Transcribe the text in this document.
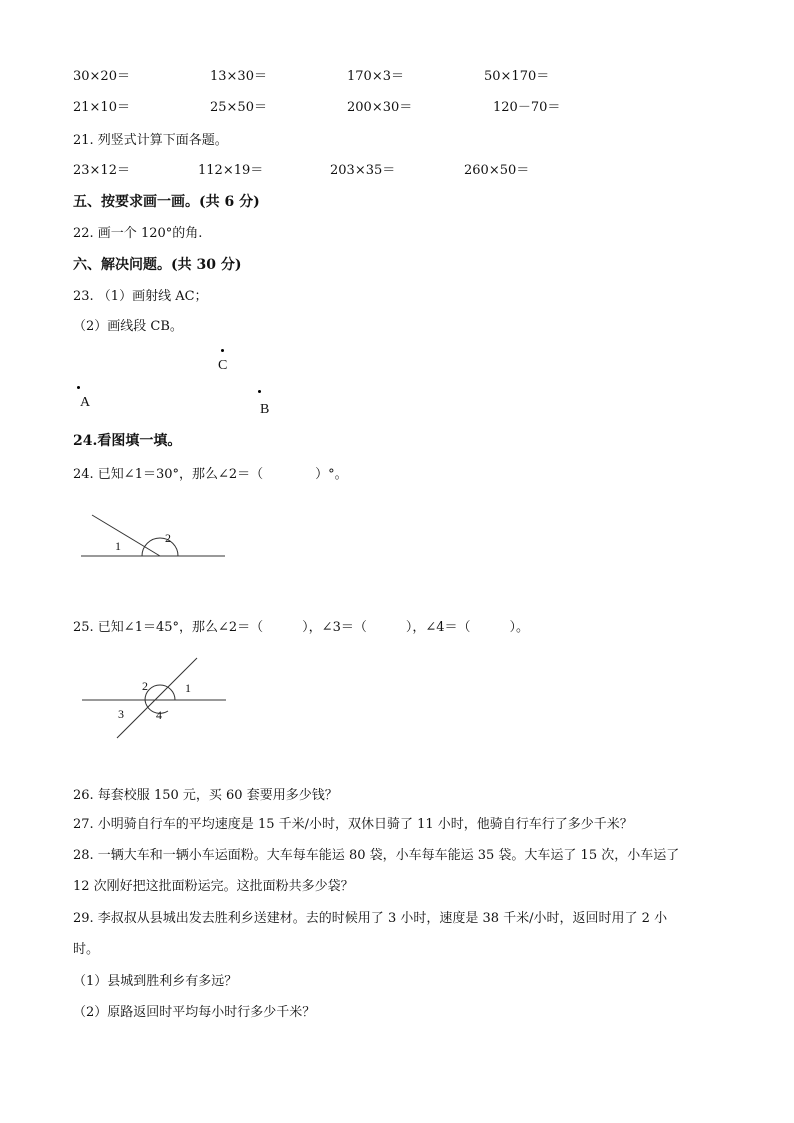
30×20＝	13×30＝	170×3＝	50×170＝
21×10＝	25×50＝	200×30＝	120－70＝
21. 列竖式计算下面各题。
23×12＝	112×19＝	203×35＝	260×50＝
五、按要求画一画。(共 6 分)
22. 画一个 120°的角.
六、解决问题。(共 30 分)
23. （1）画射线 AC；
（2）画线段 CB。
C
A	B
24.看图填一填。
24. 已知∠1＝30°，那么∠2＝（　　　　）°。
1
2
25. 已知∠1＝45°，那么∠2＝（　　　），∠3＝（　　　），∠4＝（　　　）。
1
2
3	4
26. 每套校服 150 元，买 60 套要用多少钱？
27. 小明骑自行车的平均速度是 15 千米/小时，双休日骑了 11 小时，他骑自行车行了多少千米？
28. 一辆大车和一辆小车运面粉。大车每车能运 80 袋，小车每车能运 35 袋。大车运了 15 次，小车运了
12 次刚好把这批面粉运完。这批面粉共多少袋？
29. 李叔叔从县城出发去胜利乡送建材。去的时候用了 3 小时，速度是 38 千米/小时，返回时用了 2 小
时。
（1）县城到胜利乡有多远？
（2）原路返回时平均每小时行多少千米？
